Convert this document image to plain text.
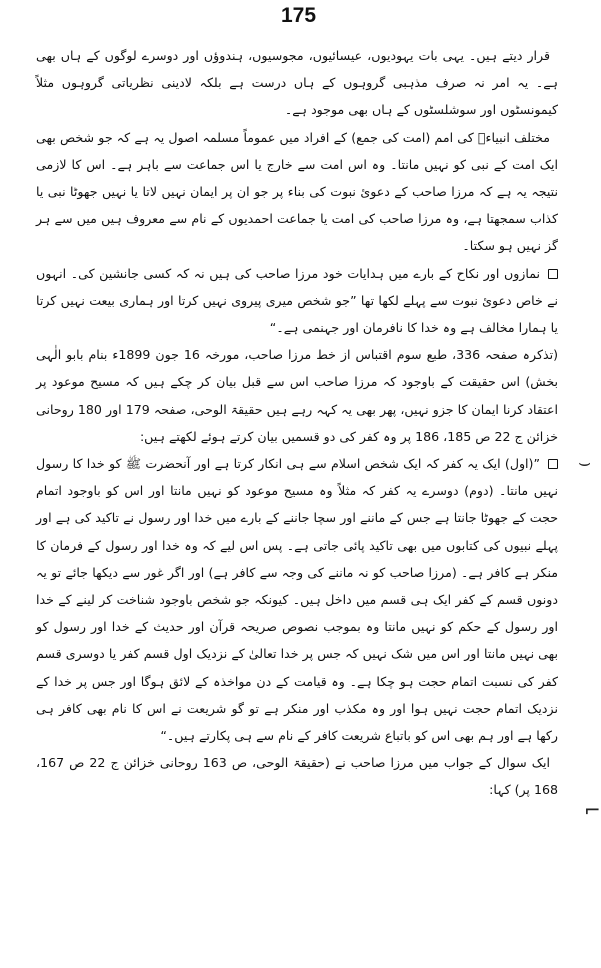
175

قرار دیتے ہیں۔ یہی بات یہودیوں، عیسائیوں، مجوسیوں، ہندوؤں اور دوسرے لوگوں کے ہاں بھی ہے۔ یہ امر نہ صرف مذہبی گروہوں کے ہاں درست ہے بلکہ لادینی نظریاتی گروہوں مثلاً کیمونسٹوں اور سوشلسٹوں کے ہاں بھی موجود ہے۔

مختلف انبیاءؑ کی امم (امت کی جمع) کے افراد میں عموماً مسلمہ اصول یہ ہے کہ جو شخص بھی ایک امت کے نبی کو نہیں مانتا۔ وہ اس امت سے خارج یا اس جماعت سے باہر ہے۔ اس کا لازمی نتیجہ یہ ہے کہ مرزا صاحب کے دعویٔ نبوت کی بناء پر جو ان پر ایمان نہیں لاتا یا نہیں جھوٹا نبی یا کذاب سمجھتا ہے، وہ مرزا صاحب کی امت یا جماعت احمدیوں کے نام سے معروف ہیں میں سے ہر گز نہیں ہو سکتا۔

نمازوں اور نکاح کے بارے میں ہدایات خود مرزا صاحب کی ہیں نہ کہ کسی جانشین کی۔ انہوں نے خاص دعویٔ نبوت سے پہلے لکھا تھا ”جو شخص میری پیروی نہیں کرتا اور ہماری بیعت نہیں کرتا یا ہمارا مخالف ہے وہ خدا کا نافرمان اور جہنمی ہے۔“

(تذکرہ صفحہ 336، طبع سوم اقتباس از خط مرزا صاحب، مورخہ 16 جون 1899ء بنام بابو الٰہی بخش) اس حقیقت کے باوجود کہ مرزا صاحب اس سے قبل بیان کر چکے ہیں کہ مسیح موعود پر اعتقاد کرنا ایمان کا جزو نہیں، پھر بھی یہ کہہ رہے ہیں حقیقۃ الوحی، صفحہ 179 اور 180 روحانی خزائن ج 22 ص 185، 186 پر وہ کفر کی دو قسمیں بیان کرتے ہوئے لکھتے ہیں:

”(اول) ایک یہ کفر کہ ایک شخص اسلام سے ہی انکار کرتا ہے اور آنحضرت ﷺ کو خدا کا رسول نہیں مانتا۔ (دوم) دوسرے یہ کفر کہ مثلاً وہ مسیح موعود کو نہیں مانتا اور اس کو باوجود اتمام حجت کے جھوٹا جانتا ہے جس کے ماننے اور سچا جاننے کے بارے میں خدا اور رسول نے تاکید کی ہے اور پہلے نبیوں کی کتابوں میں بھی تاکید پائی جاتی ہے۔ پس اس لیے کہ وہ خدا اور رسول کے فرمان کا منکر ہے کافر ہے۔ (مرزا صاحب کو نہ ماننے کی وجہ سے کافر ہے) اور اگر غور سے دیکھا جائے تو یہ دونوں قسم کے کفر ایک ہی قسم میں داخل ہیں۔ کیونکہ جو شخص باوجود شناخت کر لینے کے خدا اور رسول کے حکم کو نہیں مانتا وہ بموجب نصوص صریحہ قرآن اور حدیث کے خدا اور رسول کو بھی نہیں مانتا اور اس میں شک نہیں کہ جس پر خدا تعالیٰ کے نزدیک اول قسم کفر یا دوسری قسم کفر کی نسبت اتمام حجت ہو چکا ہے۔ وہ قیامت کے دن مواخذہ کے لائق ہوگا اور جس پر خدا کے نزدیک اتمام حجت نہیں ہوا اور وہ مکذب اور منکر ہے تو گو شریعت نے اس کا نام بھی کافر ہی رکھا ہے اور ہم بھی اس کو باتباع شریعت کافر کے نام سے ہی پکارتے ہیں۔“

ایک سوال کے جواب میں مرزا صاحب نے (حقیقۃ الوحی، ص 163 روحانی خزائن ج 22 ص 167، 168 پر) کہا:

⌣
⌐
